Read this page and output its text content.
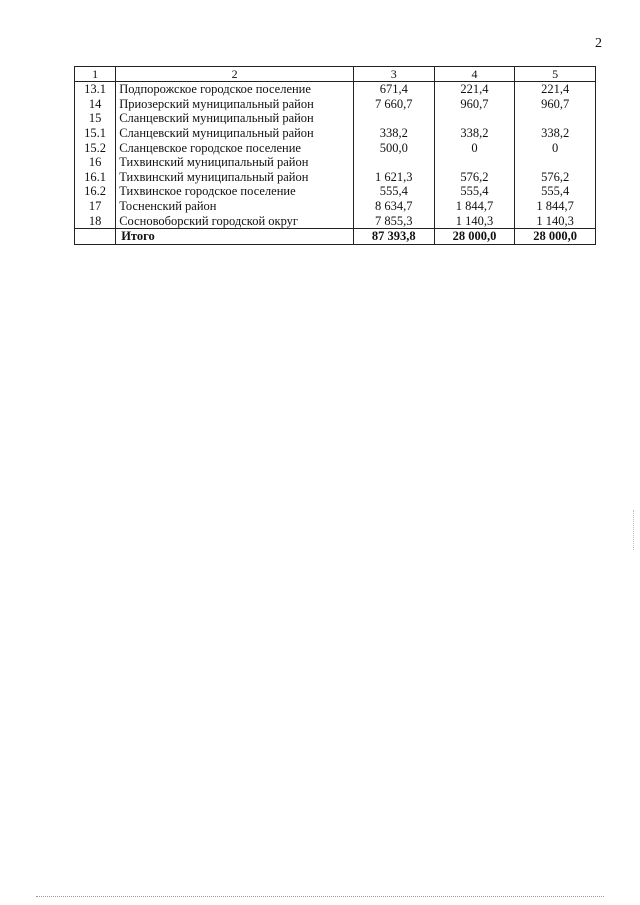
2
1	2	3	4	5
13.1	Подпорожское городское поселение	671,4	221,4	221,4
14	Приозерский муниципальный район	7 660,7	960,7	960,7
15	Сланцевский муниципальный район			
15.1	Сланцевский муниципальный район	338,2	338,2	338,2
15.2	Сланцевское городское поселение	500,0	0	0
16	Тихвинский муниципальный район			
16.1	Тихвинский муниципальный район	1 621,3	576,2	576,2
16.2	Тихвинское городское поселение	555,4	555,4	555,4
17	Тосненский район	8 634,7	1 844,7	1 844,7
18	Сосновоборский городской округ	7 855,3	1 140,3	1 140,3
	Итого	87 393,8	28 000,0	28 000,0
